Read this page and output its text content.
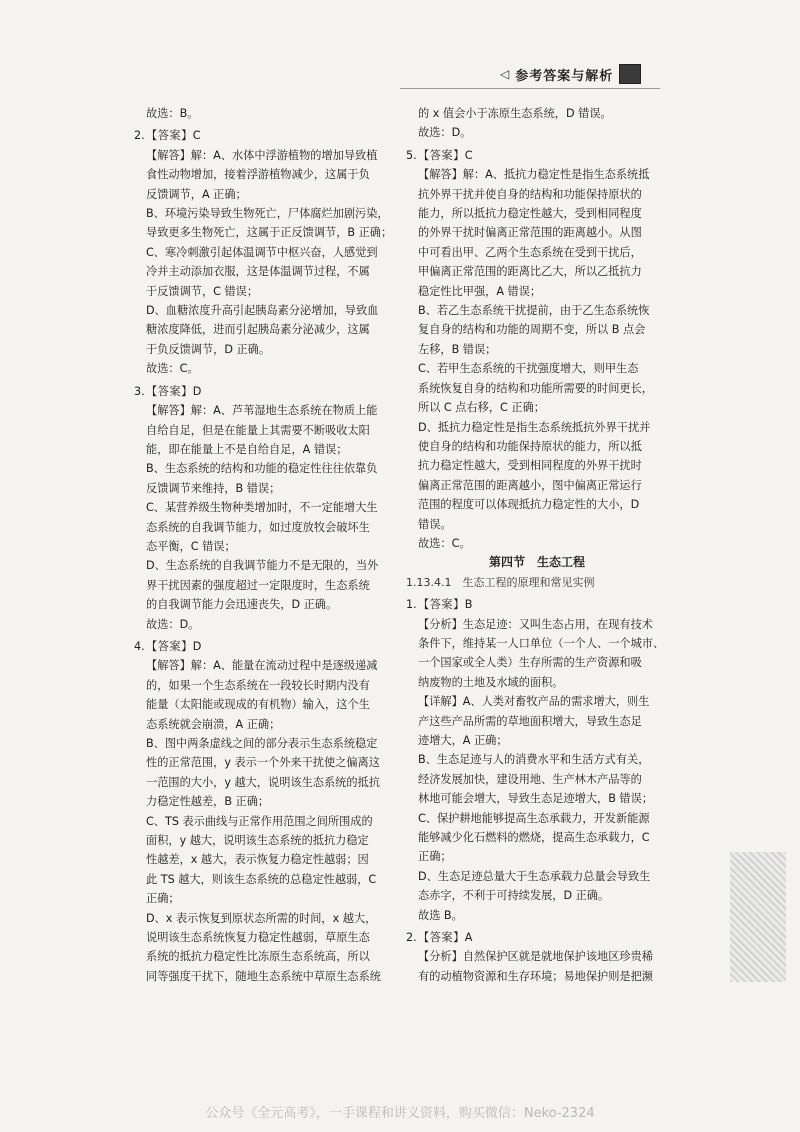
◁ 参考答案与解析

故选：B。

2.【答案】C

【解答】解：A、水体中浮游植物的增加导致植

食性动物增加，接着浮游植物减少，这属于负

反馈调节，A 正确；

B、环境污染导致生物死亡，尸体腐烂加剧污染，

导致更多生物死亡，这属于正反馈调节，B 正确；

C、寒冷刺激引起体温调节中枢兴奋，人感觉到

冷并主动添加衣服，这是体温调节过程，不属

于反馈调节，C 错误；

D、血糖浓度升高引起胰岛素分泌增加，导致血

糖浓度降低，进而引起胰岛素分泌减少，这属

于负反馈调节，D 正确。

故选：C。

3.【答案】D

【解答】解：A、芦苇湿地生态系统在物质上能

自给自足，但是在能量上其需要不断吸收太阳

能，即在能量上不是自给自足，A 错误；

B、生态系统的结构和功能的稳定性往往依靠负

反馈调节来维持，B 错误；

C、某营养级生物种类增加时，不一定能增大生

态系统的自我调节能力，如过度放牧会破坏生

态平衡，C 错误；

D、生态系统的自我调节能力不是无限的，当外

界干扰因素的强度超过一定限度时，生态系统

的自我调节能力会迅速丧失，D 正确。

故选：D。

4.【答案】D

【解答】解：A、能量在流动过程中是逐级递减

的，如果一个生态系统在一段较长时期内没有

能量（太阳能或现成的有机物）输入，这个生

态系统就会崩溃，A 正确；

B、图中两条虚线之间的部分表示生态系统稳定

性的正常范围，y 表示一个外来干扰使之偏离这

一范围的大小，y 越大，说明该生态系统的抵抗

力稳定性越差，B 正确；

C、TS 表示曲线与正常作用范围之间所围成的

面积，y 越大，说明该生态系统的抵抗力稳定

性越差，x 越大，表示恢复力稳定性越弱；因

此 TS 越大，则该生态系统的总稳定性越弱，C

正确；

D、x 表示恢复到原状态所需的时间，x 越大，

说明该生态系统恢复力稳定性越弱，草原生态

系统的抵抗力稳定性比冻原生态系统高，所以

同等强度干扰下，随地生态系统中草原生态系统

的 x 值会小于冻原生态系统，D 错误。

故选：D。

5.【答案】C

【解答】解：A、抵抗力稳定性是指生态系统抵

抗外界干扰并使自身的结构和功能保持原状的

能力，所以抵抗力稳定性越大，受到相同程度

的外界干扰时偏离正常范围的距离越小。从图

中可看出甲、乙两个生态系统在受到干扰后，

甲偏离正常范围的距离比乙大，所以乙抵抗力

稳定性比甲强，A 错误；

B、若乙生态系统干扰提前，由于乙生态系统恢

复自身的结构和功能的周期不变，所以 B 点会

左移，B 错误；

C、若甲生态系统的干扰强度增大，则甲生态

系统恢复自身的结构和功能所需要的时间更长，

所以 C 点右移，C 正确；

D、抵抗力稳定性是指生态系统抵抗外界干扰并

使自身的结构和功能保持原状的能力，所以抵

抗力稳定性越大，受到相同程度的外界干扰时

偏离正常范围的距离越小，图中偏离正常运行

范围的程度可以体现抵抗力稳定性的大小，D

错误。

故选：C。

第四节　生态工程

1.13.4.1　生态工程的原理和常见实例

1.【答案】B

【分析】生态足迹：又叫生态占用，在现有技术

条件下，维持某一人口单位（一个人、一个城市、

一个国家或全人类）生存所需的生产资源和吸

纳废物的土地及水域的面积。

【详解】A、人类对畜牧产品的需求增大，则生

产这些产品所需的草地面积增大，导致生态足

迹增大，A 正确；

B、生态足迹与人的消费水平和生活方式有关，

经济发展加快，建设用地、生产林木产品等的

林地可能会增大，导致生态足迹增大，B 错误；

C、保护耕地能够提高生态承载力，开发新能源

能够减少化石燃料的燃烧，提高生态承载力，C

正确；

D、生态足迹总量大于生态承载力总量会导致生

态赤字，不利于可持续发展，D 正确。

故选 B。

2.【答案】A

【分析】自然保护区就是就地保护该地区珍贵稀

有的动植物资源和生存环境；易地保护则是把濒

公众号《全元高考》，一手课程和讲义资料，购买微信：Neko-2324
